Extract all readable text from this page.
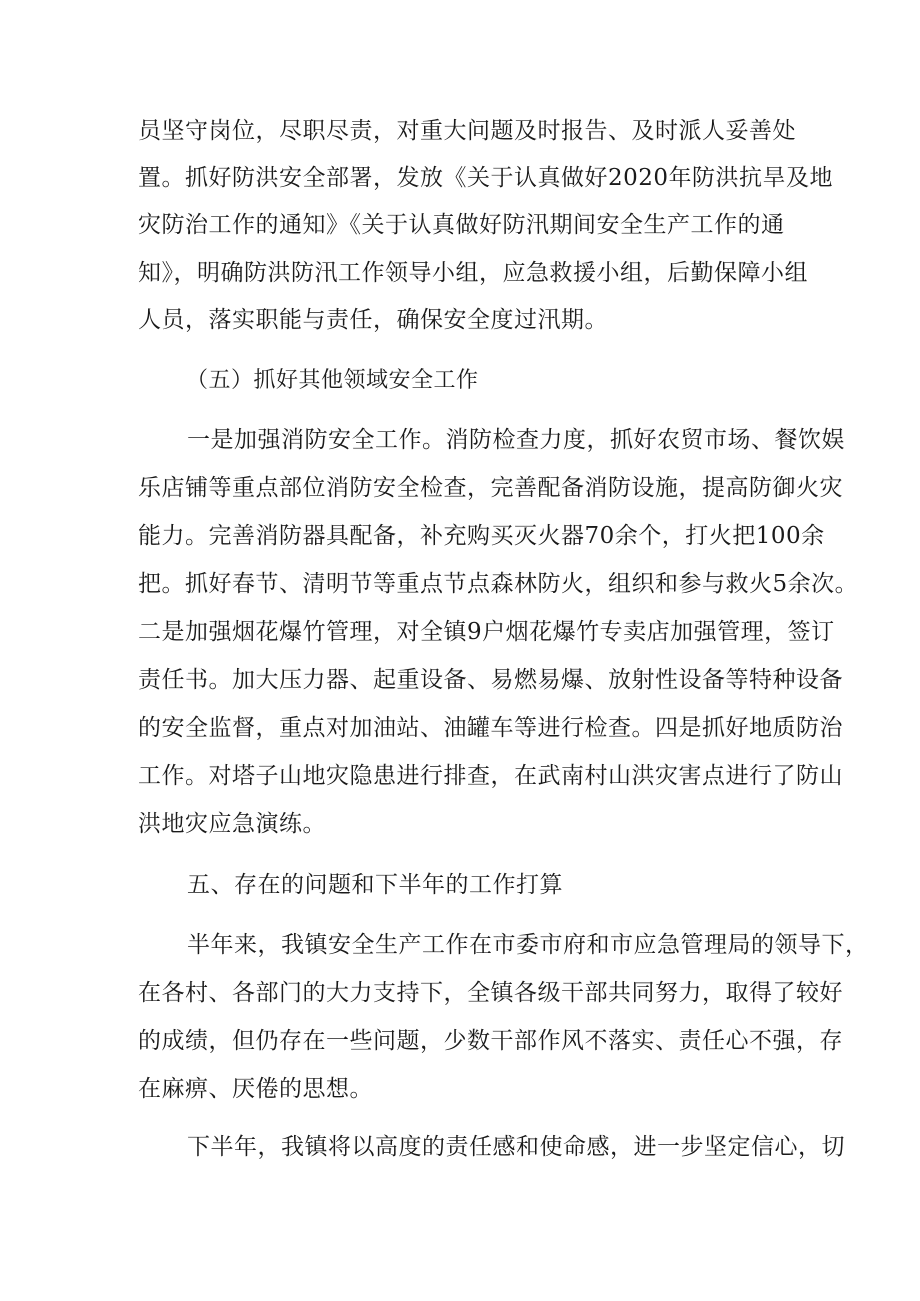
员坚守岗位，尽职尽责，对重大问题及时报告、及时派人妥善处
置。抓好防洪安全部署，发放《关于认真做好2020年防洪抗旱及地
灾防治工作的通知》《关于认真做好防汛期间安全生产工作的通
知》，明确防洪防汛工作领导小组，应急救援小组，后勤保障小组
人员，落实职能与责任，确保安全度过汛期。
（五）抓好其他领域安全工作
一是加强消防安全工作。消防检查力度，抓好农贸市场、餐饮娱
乐店铺等重点部位消防安全检查，完善配备消防设施，提高防御火灾
能力。完善消防器具配备，补充购买灭火器70余个，打火把100余
把。抓好春节、清明节等重点节点森林防火，组织和参与救火5余次。
二是加强烟花爆竹管理，对全镇9户烟花爆竹专卖店加强管理，签订
责任书。加大压力器、起重设备、易燃易爆、放射性设备等特种设备
的安全监督，重点对加油站、油罐车等进行检查。四是抓好地质防治
工作。对塔子山地灾隐患进行排查，在武南村山洪灾害点进行了防山
洪地灾应急演练。
五、存在的问题和下半年的工作打算
半年来，我镇安全生产工作在市委市府和市应急管理局的领导下，
在各村、各部门的大力支持下，全镇各级干部共同努力，取得了较好
的成绩，但仍存在一些问题，少数干部作风不落实、责任心不强，存
在麻痹、厌倦的思想。
下半年，我镇将以高度的责任感和使命感，进一步坚定信心，切
